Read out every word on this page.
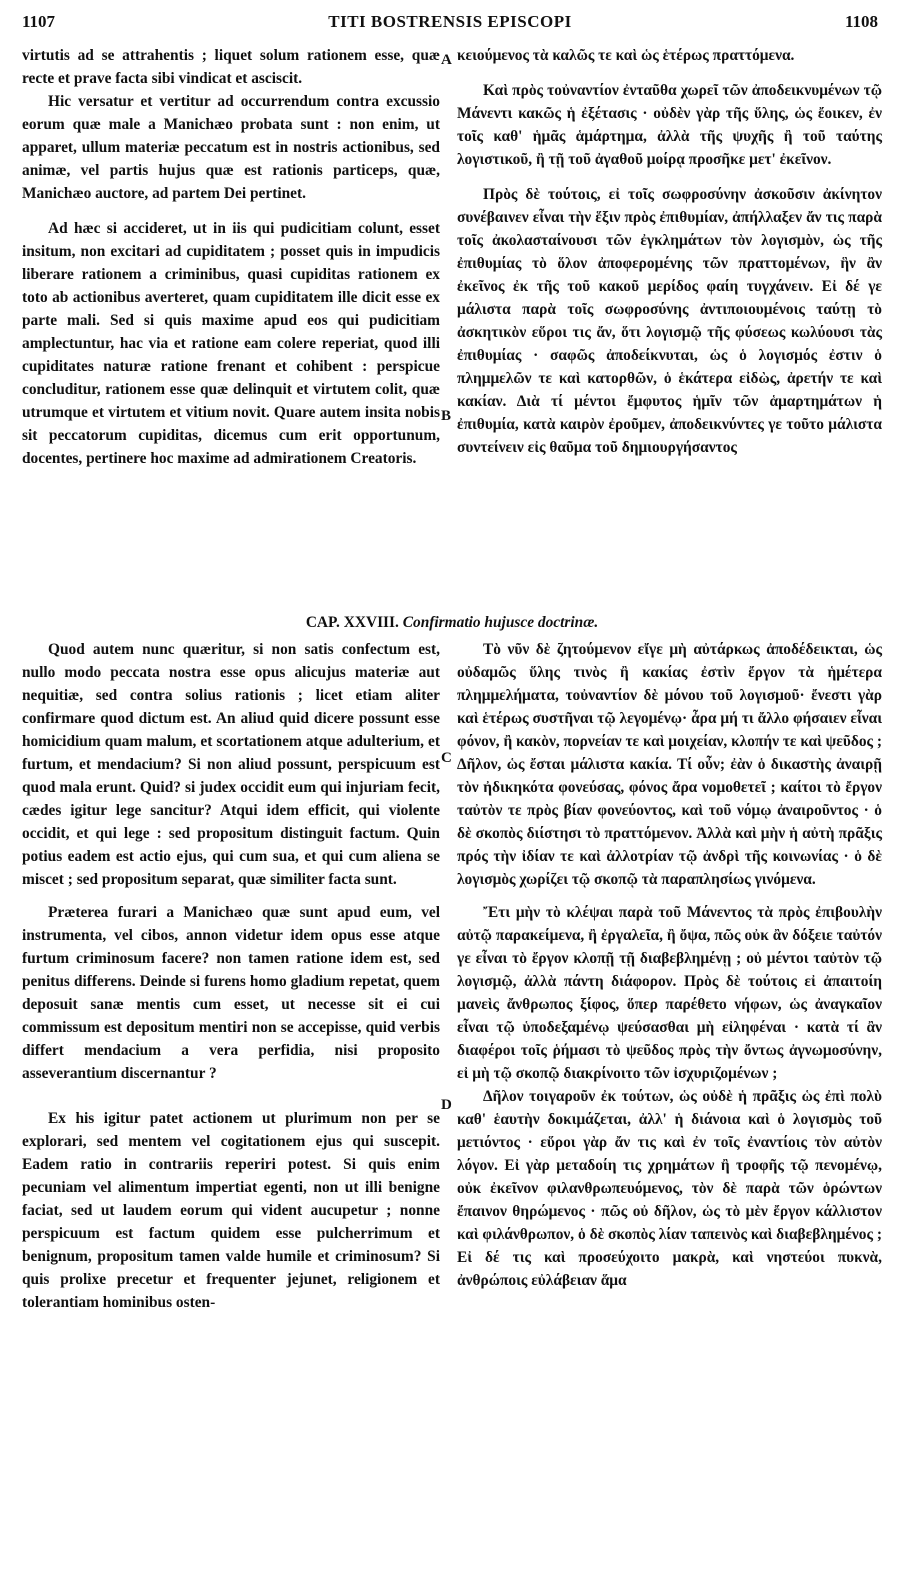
1107	TITI BOSTRENSIS EPISCOPI	1108
A
B
C
D

virtutis ad se attrahentis ; liquet solum rationem esse, quæ recte et prave facta sibi vindicat et asciscit.

Hic versatur et vertitur ad occurrendum contra excussio eorum quæ male a Manichæo probata sunt : non enim, ut apparet, ullum materiæ peccatum est in nostris actionibus, sed animæ, vel partis hujus quæ est rationis particeps, quæ, Manichæo auctore, ad partem Dei pertinet.

Ad hæc si accideret, ut in iis qui pudicitiam colunt, esset insitum, non excitari ad cupiditatem ; posset quis in impudicis liberare rationem a criminibus, quasi cupiditas rationem ex toto ab actionibus averteret, quam cupiditatem ille dicit esse ex parte mali. Sed si quis maxime apud eos qui pudicitiam amplectuntur, hac via et ratione eam colere reperiat, quod illi cupiditates naturæ ratione frenant et cohibent : perspicue concluditur, rationem esse quæ delinquit et virtutem colit, quæ utrumque et virtutem et vitium novit. Quare autem insita nobis sit peccatorum cupiditas, dicemus cum erit opportunum, docentes, pertinere hoc maxime ad admirationem Creatoris.

κειούμενος τὰ καλῶς τε καὶ ὡς ἑτέρως πραττόμενα.

Καὶ πρὸς τοὐναντίον ἐνταῦθα χωρεῖ τῶν ἀποδεικνυμένων τῷ Μάνεντι κακῶς ἡ ἐξέτασις · οὐδὲν γὰρ τῆς ὕλης, ὡς ἔοικεν, ἐν τοῖς καθ' ἡμᾶς ἁμάρτημα, ἀλλὰ τῆς ψυχῆς ἢ τοῦ ταύτης λογιστικοῦ, ἢ τῇ τοῦ ἀγαθοῦ μοίρᾳ προσῆκε μετ' ἐκεῖνον.

Πρὸς δὲ τούτοις, εἰ τοῖς σωφροσύνην ἀσκοῦσιν ἀκίνητον συνέβαινεν εἶναι τὴν ἕξιν πρὸς ἐπιθυμίαν, ἀπήλλαξεν ἄν τις παρὰ τοῖς ἀκολασταίνουσι τῶν ἐγκλημάτων τὸν λογισμὸν, ὡς τῆς ἐπιθυμίας τὸ ὅλον ἀποφερομένης τῶν πραττομένων, ἣν ἂν ἐκεῖνος ἐκ τῆς τοῦ κακοῦ μερίδος φαίη τυγχάνειν. Εἰ δέ γε μάλιστα παρὰ τοῖς σωφροσύνης ἀντιποιουμένοις ταύτῃ τὸ ἀσκητικὸν εὕροι τις ἄν, ὅτι λογισμῷ τῆς φύσεως κωλύουσι τὰς ἐπιθυμίας · σαφῶς ἀποδείκνυται, ὡς ὁ λογισμός ἐστιν ὁ πλημμελῶν τε καὶ κατορθῶν, ὁ ἑκάτερα εἰδὼς, ἀρετήν τε καὶ κακίαν. Διὰ τί μέντοι ἔμφυτος ἡμῖν τῶν ἁμαρτημάτων ἡ ἐπιθυμία, κατὰ καιρὸν ἐροῦμεν, ἀποδεικνύντες γε τοῦτο μάλιστα συντείνειν εἰς θαῦμα τοῦ δημιουργήσαντος

CAP. XXVIII. Confirmatio hujusce doctrinæ.

Quod autem nunc quæritur, si non satis confectum est, nullo modo peccata nostra esse opus alicujus materiæ aut nequitiæ, sed contra solius rationis ; licet etiam aliter confirmare quod dictum est. An aliud quid dicere possunt esse homicidium quam malum, et scortationem atque adulterium, et furtum, et mendacium? Si non aliud possunt, perspicuum est quod mala erunt. Quid? si judex occidit eum qui injuriam fecit, cædes igitur lege sancitur? Atqui idem efficit, qui violente occidit, et qui lege : sed propositum distinguit factum. Quin potius eadem est actio ejus, qui cum sua, et qui cum aliena se miscet ; sed propositum separat, quæ similiter facta sunt.

Præterea furari a Manichæo quæ sunt apud eum, vel instrumenta, vel cibos, annon videtur idem opus esse atque furtum criminosum facere? non tamen ratione idem est, sed penitus differens. Deinde si furens homo gladium repetat, quem deposuit sanæ mentis cum esset, ut necesse sit ei cui commissum est depositum mentiri non se accepisse, quid verbis differt mendacium a vera perfidia, nisi proposito asseverantium discernantur ?

Ex his igitur patet actionem ut plurimum non per se explorari, sed mentem vel cogitationem ejus qui suscepit. Eadem ratio in contrariis reperiri potest. Si quis enim pecuniam vel alimentum impertiat egenti, non ut illi benigne faciat, sed ut laudem eorum qui vident aucupetur ; nonne perspicuum est factum quidem esse pulcherrimum et benignum, propositum tamen valde humile et criminosum? Si quis prolixe precetur et frequenter jejunet, religionem et tolerantiam hominibus osten-

Τὸ νῦν δὲ ζητούμενον εἴγε μὴ αὐτάρκως ἀποδέδεικται, ὡς οὐδαμῶς ὕλης τινὸς ἢ κακίας ἐστὶν ἔργον τὰ ἡμέτερα πλημμελήματα, τοὐναντίον δὲ μόνου τοῦ λογισμοῦ· ἔνεστι γὰρ καὶ ἑτέρως συστῆναι τῷ λεγομένῳ· ἆρα μή τι ἄλλο φήσαιεν εἶναι φόνον, ἢ κακὸν, πορνείαν τε καὶ μοιχείαν, κλοπήν τε καὶ ψεῦδος ; Δῆλον, ὡς ἔσται μάλιστα κακία. Τί οὖν; ἐὰν ὁ δικαστὴς ἀναιρῇ τὸν ἠδικηκότα φονεύσας, φόνος ἄρα νομοθετεῖ ; καίτοι τὸ ἔργον ταὐτὸν τε πρὸς βίαν φονεύοντος, καὶ τοῦ νόμῳ ἀναιροῦντος · ὁ δὲ σκοπὸς διίστησι τὸ πραττόμενον. Ἀλλὰ καὶ μὴν ἡ αὐτὴ πρᾶξις πρός τὴν ἰδίαν τε καὶ ἀλλοτρίαν τῷ ἀνδρὶ τῆς κοινωνίας · ὁ δὲ λογισμὸς χωρίζει τῷ σκοπῷ τὰ παραπλησίως γινόμενα.

Ἔτι μὴν τὸ κλέψαι παρὰ τοῦ Μάνεντος τὰ πρὸς ἐπιβουλὴν αὐτῷ παρακείμενα, ἢ ἐργαλεῖα, ἢ ὄψα, πῶς οὐκ ἂν δόξειε ταὐτόν γε εἶναι τὸ ἔργον κλοπῇ τῇ διαβεβλημένῃ ; οὐ μέντοι ταὐτὸν τῷ λογισμῷ, ἀλλὰ πάντη διάφορον. Πρὸς δὲ τούτοις εἰ ἀπαιτοίη μανεὶς ἄνθρωπος ξίφος, ὅπερ παρέθετο νήφων, ὡς ἀναγκαῖον εἶναι τῷ ὑποδεξαμένῳ ψεύσασθαι μὴ εἰληφέναι · κατὰ τί ἂν διαφέροι τοῖς ῥήμασι τὸ ψεῦδος πρὸς τὴν ὄντως ἀγνωμοσύνην, εἰ μὴ τῷ σκοπῷ διακρίνοιτο τῶν ἰσχυριζομένων ;

Δῆλον τοιγαροῦν ἐκ τούτων, ὡς οὐδὲ ἡ πρᾶξις ὡς ἐπὶ πολὺ καθ' ἑαυτὴν δοκιμάζεται, ἀλλ' ἡ διάνοια καὶ ὁ λογισμὸς τοῦ μετιόντος · εὕροι γὰρ ἄν τις καὶ ἐν τοῖς ἐναντίοις τὸν αὐτὸν λόγον. Εἰ γὰρ μεταδοίη τις χρημάτων ἢ τροφῆς τῷ πενομένῳ, οὐκ ἐκεῖνον φιλανθρωπευόμενος, τὸν δὲ παρὰ τῶν ὁρώντων ἔπαινον θηρώμενος · πῶς οὐ δῆλον, ὡς τὸ μὲν ἔργον κάλλιστον καὶ φιλάνθρωπον, ὁ δὲ σκοπὸς λίαν ταπεινὸς καὶ διαβεβλημένος ; Εἰ δέ τις καὶ προσεύχοιτο μακρὰ, καὶ νηστεύοι πυκνὰ, ἀνθρώποις εὐλάβειαν ἅμα
